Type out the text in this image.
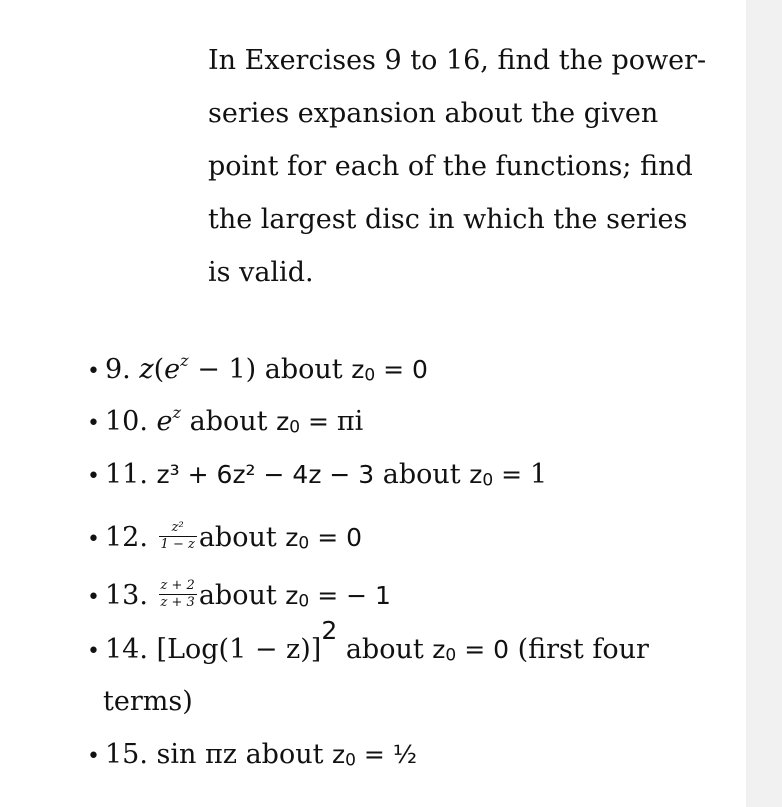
In Exercises 9 to 16, find the power-series expansion about the given point for each of the functions; find the largest disc in which the series is valid.

• 9. $z(e^z - 1)$ about $z_0 = 0$
• 10. $e^z$ about $z_0 = \pi i$
• 11. z³ + 6z² − 4z − 3 about $z_0 = 1$
• 12. $\frac{\text{z²}}{1 - z}$ about $z_0 = 0$
• 13. $\frac{z + 2}{z + 3}$ about $z_0$ = − 1
• 14. $[Log(1 - z)]^2$ about $z_0 = 0$ (first four
terms)
• 15. sin πz about $z_0$ = ½
